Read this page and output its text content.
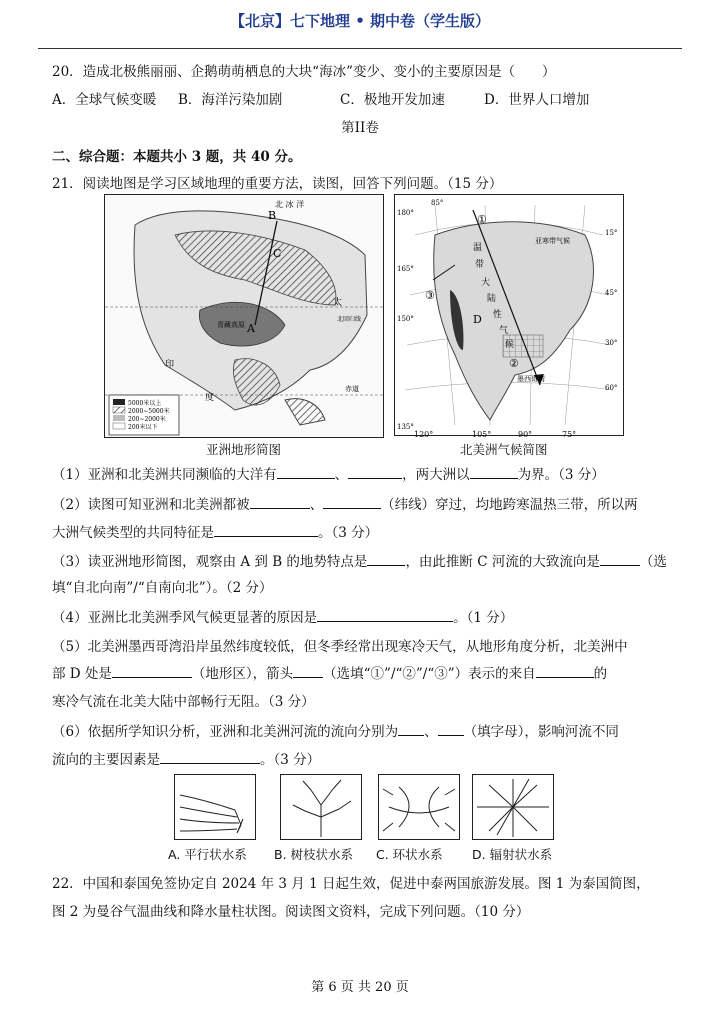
【北京】七下地理 • 期中卷（学生版）
20．造成北极熊丽丽、企鹅萌萌栖息的大块“海冰”变少、变小的主要原因是（　　）
A．全球气候变暖 B．海洋污染加剧	C．极地开发加速	D．世界人口增加
第II卷
二、综合题：本题共小 3 题，共 40 分。
21．阅读地图是学习区域地理的重要方法，读图，回答下列问题。（15 分）
A
B
C
北 冰 洋
青藏高原
太
印
度
北回归线
赤道
5000米以上
2000~5000米
200~2000米
200米以下
①
②
③
D
墨西哥湾
亚寒带气候
温
带
大
陆
性
气
候
180°
165°
150°
135°
85°
15°
45°
30°
60°
亚洲地形简图	北美洲气候简图
120°	105°	90°	75°
（1）亚洲和北美洲共同濒临的大洋有	、	，两大洲以	为界。（3 分）
（2）读图可知亚洲和北美洲都被	、	（纬线）穿过，均地跨寒温热三带，所以两
大洲气候类型的共同特征是	。（3 分）
（3）读亚洲地形简图，观察由 A 到 B 的地势特点是	，由此推断 C 河流的大致流向是	（选
填“自北向南”/“自南向北”）。（2 分）
（4）亚洲比北美洲季风气候更显著的原因是	。（1 分）
（5）北美洲墨西哥湾沿岸虽然纬度较低，但冬季经常出现寒冷天气，从地形角度分析，北美洲中
部 D 处是	（地形区），箭头 （选填“①”/“②”/“③”）表示的来自	的
寒冷气流在北美大陆中部畅行无阻。（3 分）
（6）依据所学知识分析，亚洲和北美洲河流的流向分别为 、 （填字母），影响河流不同
流向的主要因素是	。（3 分）
A. 平行状水系 B. 树枝状水系 C. 环状水系 D. 辐射状水系
22．中国和泰国免签协定自 2024 年 3 月 1 日起生效，促进中泰两国旅游发展。图 1 为泰国简图，
图 2 为曼谷气温曲线和降水量柱状图。阅读图文资料，完成下列问题。（10 分）
第 6 页 共 20 页
